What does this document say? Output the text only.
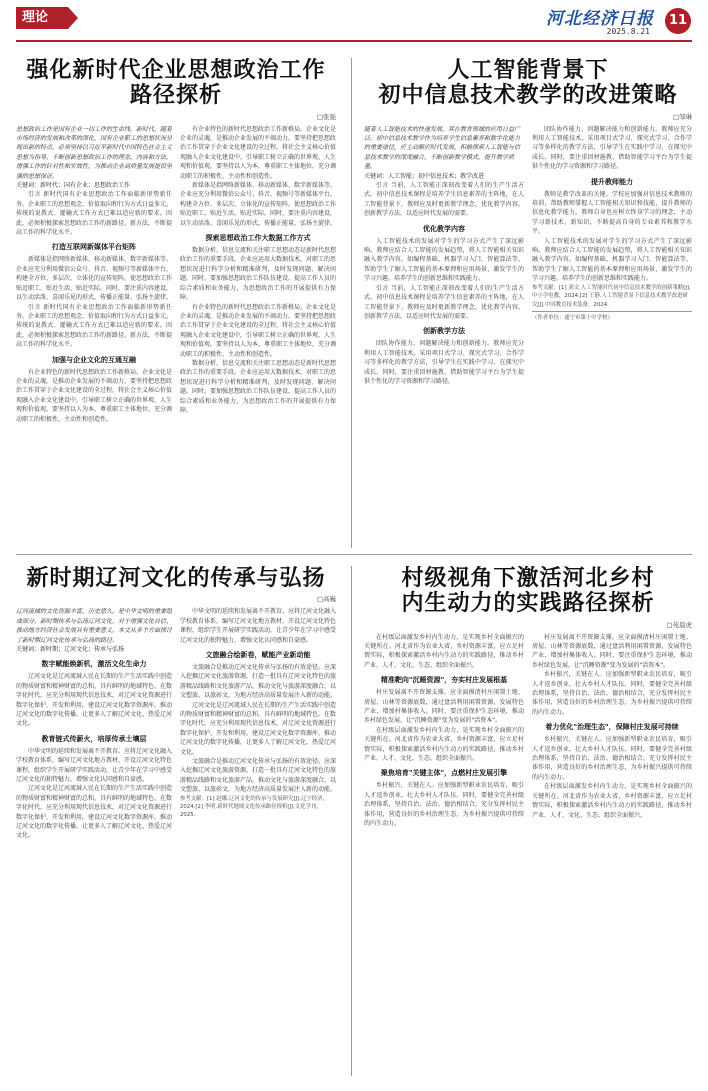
理论	河北经济日报
2025.8.21
11
强化新时代企业思想政治工作
路径探析
□张强

思想政治工作是国有企业一切工作的生命线。新时代，随着市场经济的发展和改革的深化，国有企业职工的思想状况呈现出新的特点，必须坚持以习近平新时代中国特色社会主义思想为指导，不断创新思想政治工作的理念、内容和方法，增强工作的针对性和实效性，为推动企业高质量发展提供坚强的思想保证。

关键词：新时代；国有企业；思想政治工作

引言 新时代国有企业思想政治工作面临新形势新任务。企业职工的思想观念、价值取向和行为方式日益多元，传统的说教式、灌输式工作方式已难以适应新的要求。因此，必须积极探索思想政治工作的新路径、新方法，不断提高工作的科学化水平。

打造互联网新媒体平台矩阵

新媒体是指网络新媒体、移动新媒体、数字新媒体等。企业应充分利用微信公众号、抖音、视频号等新媒体平台，构建全方位、多层次、立体化的宣传矩阵，使思想政治工作贴近职工、贴近生活、贴近实际。同时，要注重内容建设，以生动活泼、喜闻乐见的形式，传播正能量、弘扬主旋律。

引言 新时代国有企业思想政治工作面临新形势新任务。企业职工的思想观念、价值取向和行为方式日益多元，传统的说教式、灌输式工作方式已难以适应新的要求。因此，必须积极探索思想政治工作的新路径、新方法，不断提高工作的科学化水平。

加强与企业文化的互通互融

有企业特色的新时代思想政治工作新格局。企业文化是企业的灵魂，是推动企业发展的不竭动力。要坚持把思想政治工作贯穿于企业文化建设的全过程，将社会主义核心价值观融入企业文化建设中，引导职工树立正确的世界观、人生观和价值观。要坚持以人为本，尊重职工主体地位，充分调动职工的积极性、主动性和创造性。

有企业特色的新时代思想政治工作新格局。企业文化是企业的灵魂，是推动企业发展的不竭动力。要坚持把思想政治工作贯穿于企业文化建设的全过程，将社会主义核心价值观融入企业文化建设中，引导职工树立正确的世界观、人生观和价值观。要坚持以人为本，尊重职工主体地位，充分调动职工的积极性、主动性和创造性。

新媒体是指网络新媒体、移动新媒体、数字新媒体等。企业应充分利用微信公众号、抖音、视频号等新媒体平台，构建全方位、多层次、立体化的宣传矩阵，使思想政治工作贴近职工、贴近生活、贴近实际。同时，要注重内容建设，以生动活泼、喜闻乐见的形式，传播正能量、弘扬主旋律。

探索思想政治工作大数据工作方式

数据分析、信息交流和关注职工思想动态是新时代思想政治工作的重要手段。企业应运用大数据技术，对职工的思想状况进行科学分析和精准研判，及时发现问题、解决问题。同时，要加强思想政治工作队伍建设，提高工作人员的综合素质和业务能力，为思想政治工作的开展提供有力保障。

有企业特色的新时代思想政治工作新格局。企业文化是企业的灵魂，是推动企业发展的不竭动力。要坚持把思想政治工作贯穿于企业文化建设的全过程，将社会主义核心价值观融入企业文化建设中，引导职工树立正确的世界观、人生观和价值观。要坚持以人为本，尊重职工主体地位，充分调动职工的积极性、主动性和创造性。

数据分析、信息交流和关注职工思想动态是新时代思想政治工作的重要手段。企业应运用大数据技术，对职工的思想状况进行科学分析和精准研判，及时发现问题、解决问题。同时，要加强思想政治工作队伍建设，提高工作人员的综合素质和业务能力，为思想政治工作的开展提供有力保障。

人工智能背景下
初中信息技术教学的改进策略
□邹琳

随着人工智能技术的快速发展，其在教育领域的应用日益广泛。初中信息技术教学作为培养学生信息素养和数字化能力的重要途径，应主动顺应时代发展，积极探索人工智能与信息技术教学的深度融合，不断创新教学模式，提升教学质量。

关键词：人工智能；初中信息技术；教学改进

引言 当前，人工智能正深刻改变着人们的生产生活方式。初中信息技术课程是培养学生信息素养的主阵地，在人工智能背景下，教师应及时更新教学理念，优化教学内容，创新教学方法，以适应时代发展的需要。

优化教学内容

人工智能技术的发展对学生的学习方式产生了深远影响。教师应结合人工智能的发展趋势，将人工智能相关知识融入教学内容，如编程基础、机器学习入门、智能算法等，帮助学生了解人工智能的基本原理和应用场景，激发学生的学习兴趣，培养学生的创新思维和实践能力。

引言 当前，人工智能正深刻改变着人们的生产生活方式。初中信息技术课程是培养学生信息素养的主阵地，在人工智能背景下，教师应及时更新教学理念，优化教学内容，创新教学方法，以适应时代发展的需要。

创新教学方法

团队协作能力、问题解决能力和创新能力。教师应充分利用人工智能技术，采用项目式学习、探究式学习、合作学习等多样化的教学方法，引导学生在实践中学习、在探究中成长。同时，要注重因材施教，借助智能学习平台为学生提供个性化的学习资源和学习路径。

团队协作能力、问题解决能力和创新能力。教师应充分利用人工智能技术，采用项目式学习、探究式学习、合作学习等多样化的教学方法，引导学生在实践中学习、在探究中成长。同时，要注重因材施教，借助智能学习平台为学生提供个性化的学习资源和学习路径。

提升教师能力

教师是教学改革的关键。学校应加强对信息技术教师的培训，帮助教师掌握人工智能相关知识和技能，提升教师的信息化教学能力。教师自身也应树立终身学习的理念，主动学习新技术、新知识，不断提高自身的专业素养和教学水平。

人工智能技术的发展对学生的学习方式产生了深远影响。教师应结合人工智能的发展趋势，将人工智能相关知识融入教学内容，如编程基础、机器学习入门、智能算法等，帮助学生了解人工智能的基本原理和应用场景，激发学生的学习兴趣，培养学生的创新思维和实践能力。

参考文献：[1] 刘文.人工智能时代初中信息技术教学的创新策略[J].中小学电教，2024.[2] 王静.人工智能背景下信息技术教学改进研究[J].中国教育技术装备，2024.

（作者单位：遂宁市第十中学校）

新时期辽河文化的传承与弘扬
□高巍

辽河流域的文化资源丰富，历史悠久，是中华文明的重要组成部分。新时期传承与弘扬辽河文化，对于增强文化自信、推动地方经济社会发展具有重要意义。本文从多个方面探讨了新时期辽河文化传承与弘扬的路径。

关键词：新时期；辽河文化；传承与弘扬

数字赋能焕新机，激活文化生命力

辽河文化是辽河流域人民在长期的生产生活实践中创造的物质财富和精神财富的总和，具有鲜明的地域特色。在数字化时代，应充分利用现代信息技术，对辽河文化资源进行数字化保护、开发和利用，建设辽河文化数字资源库，推动辽河文化的数字化传播，让更多人了解辽河文化、热爱辽河文化。

教育链式传薪火，培厚传承土壤层

中华文明的延续和发展离不开教育。应将辽河文化融入学校教育体系，编写辽河文化地方教材，开设辽河文化特色课程，组织学生开展研学实践活动，让青少年在学习中感受辽河文化的独特魅力，增强文化认同感和自豪感。

辽河文化是辽河流域人民在长期的生产生活实践中创造的物质财富和精神财富的总和，具有鲜明的地域特色。在数字化时代，应充分利用现代信息技术，对辽河文化资源进行数字化保护、开发和利用，建设辽河文化数字资源库，推动辽河文化的数字化传播，让更多人了解辽河文化、热爱辽河文化。

中华文明的延续和发展离不开教育。应将辽河文化融入学校教育体系，编写辽河文化地方教材，开设辽河文化特色课程，组织学生开展研学实践活动，让青少年在学习中感受辽河文化的独特魅力，增强文化认同感和自豪感。

文旅融合绘新卷，赋能产业新动能

文旅融合是推动辽河文化传承与弘扬的有效途径。应深入挖掘辽河文化旅游资源，打造一批具有辽河文化特色的旅游精品线路和文化旅游产品，推动文化与旅游深度融合，以文塑旅、以旅彰文，为地方经济高质量发展注入新的动能。

辽河文化是辽河流域人民在长期的生产生活实践中创造的物质财富和精神财富的总和，具有鲜明的地域特色。在数字化时代，应充分利用现代信息技术，对辽河文化资源进行数字化保护、开发和利用，建设辽河文化数字资源库，推动辽河文化的数字化传播，让更多人了解辽河文化、热爱辽河文化。

文旅融合是推动辽河文化传承与弘扬的有效途径。应深入挖掘辽河文化旅游资源，打造一批具有辽河文化特色的旅游精品线路和文化旅游产品，推动文化与旅游深度融合，以文塑旅、以旅彰文，为地方经济高质量发展注入新的动能。

参考文献：[1] 赵娜.辽河文化的传承与发展研究[J].辽宁经济，2024.[2] 李明.新时代地域文化传承路径探析[J].文化学刊，2025.

村级视角下激活河北乡村
内生动力的实践路径探析
□苑晨虎

在村级层面激发乡村内生动力，是实现乡村全面振兴的关键所在。河北省作为农业大省，乡村资源丰富，应立足村情实际，积极探索激活乡村内生动力的实践路径，推动乡村产业、人才、文化、生态、组织全面振兴。

精准靶向"沉睡资源"，夯实村庄发展根基

村庄发展离不开资源支撑。应全面摸清村庄闲置土地、房屋、山林等资源底数，通过盘活利用闲置资源，发展特色产业，增加村集体收入。同时，要注重保护生态环境，推动乡村绿色发展，让"沉睡资源"变为发展的"活资本"。

在村级层面激发乡村内生动力，是实现乡村全面振兴的关键所在。河北省作为农业大省，乡村资源丰富，应立足村情实际，积极探索激活乡村内生动力的实践路径，推动乡村产业、人才、文化、生态、组织全面振兴。

聚焦培育"关键主体"，点燃村庄发展引擎

乡村振兴，关键在人。应加强新型职业农民培育，吸引人才返乡创业，壮大乡村人才队伍。同时，要健全完善村级治理体系，坚持自治、法治、德治相结合，充分发挥村民主体作用，营造良好的乡村治理生态，为乡村振兴提供可持续的内生动力。

村庄发展离不开资源支撑。应全面摸清村庄闲置土地、房屋、山林等资源底数，通过盘活利用闲置资源，发展特色产业，增加村集体收入。同时，要注重保护生态环境，推动乡村绿色发展，让"沉睡资源"变为发展的"活资本"。

乡村振兴，关键在人。应加强新型职业农民培育，吸引人才返乡创业，壮大乡村人才队伍。同时，要健全完善村级治理体系，坚持自治、法治、德治相结合，充分发挥村民主体作用，营造良好的乡村治理生态，为乡村振兴提供可持续的内生动力。

着力优化"治理生态"，保障村庄发展可持续

乡村振兴，关键在人。应加强新型职业农民培育，吸引人才返乡创业，壮大乡村人才队伍。同时，要健全完善村级治理体系，坚持自治、法治、德治相结合，充分发挥村民主体作用，营造良好的乡村治理生态，为乡村振兴提供可持续的内生动力。

在村级层面激发乡村内生动力，是实现乡村全面振兴的关键所在。河北省作为农业大省，乡村资源丰富，应立足村情实际，积极探索激活乡村内生动力的实践路径，推动乡村产业、人才、文化、生态、组织全面振兴。
